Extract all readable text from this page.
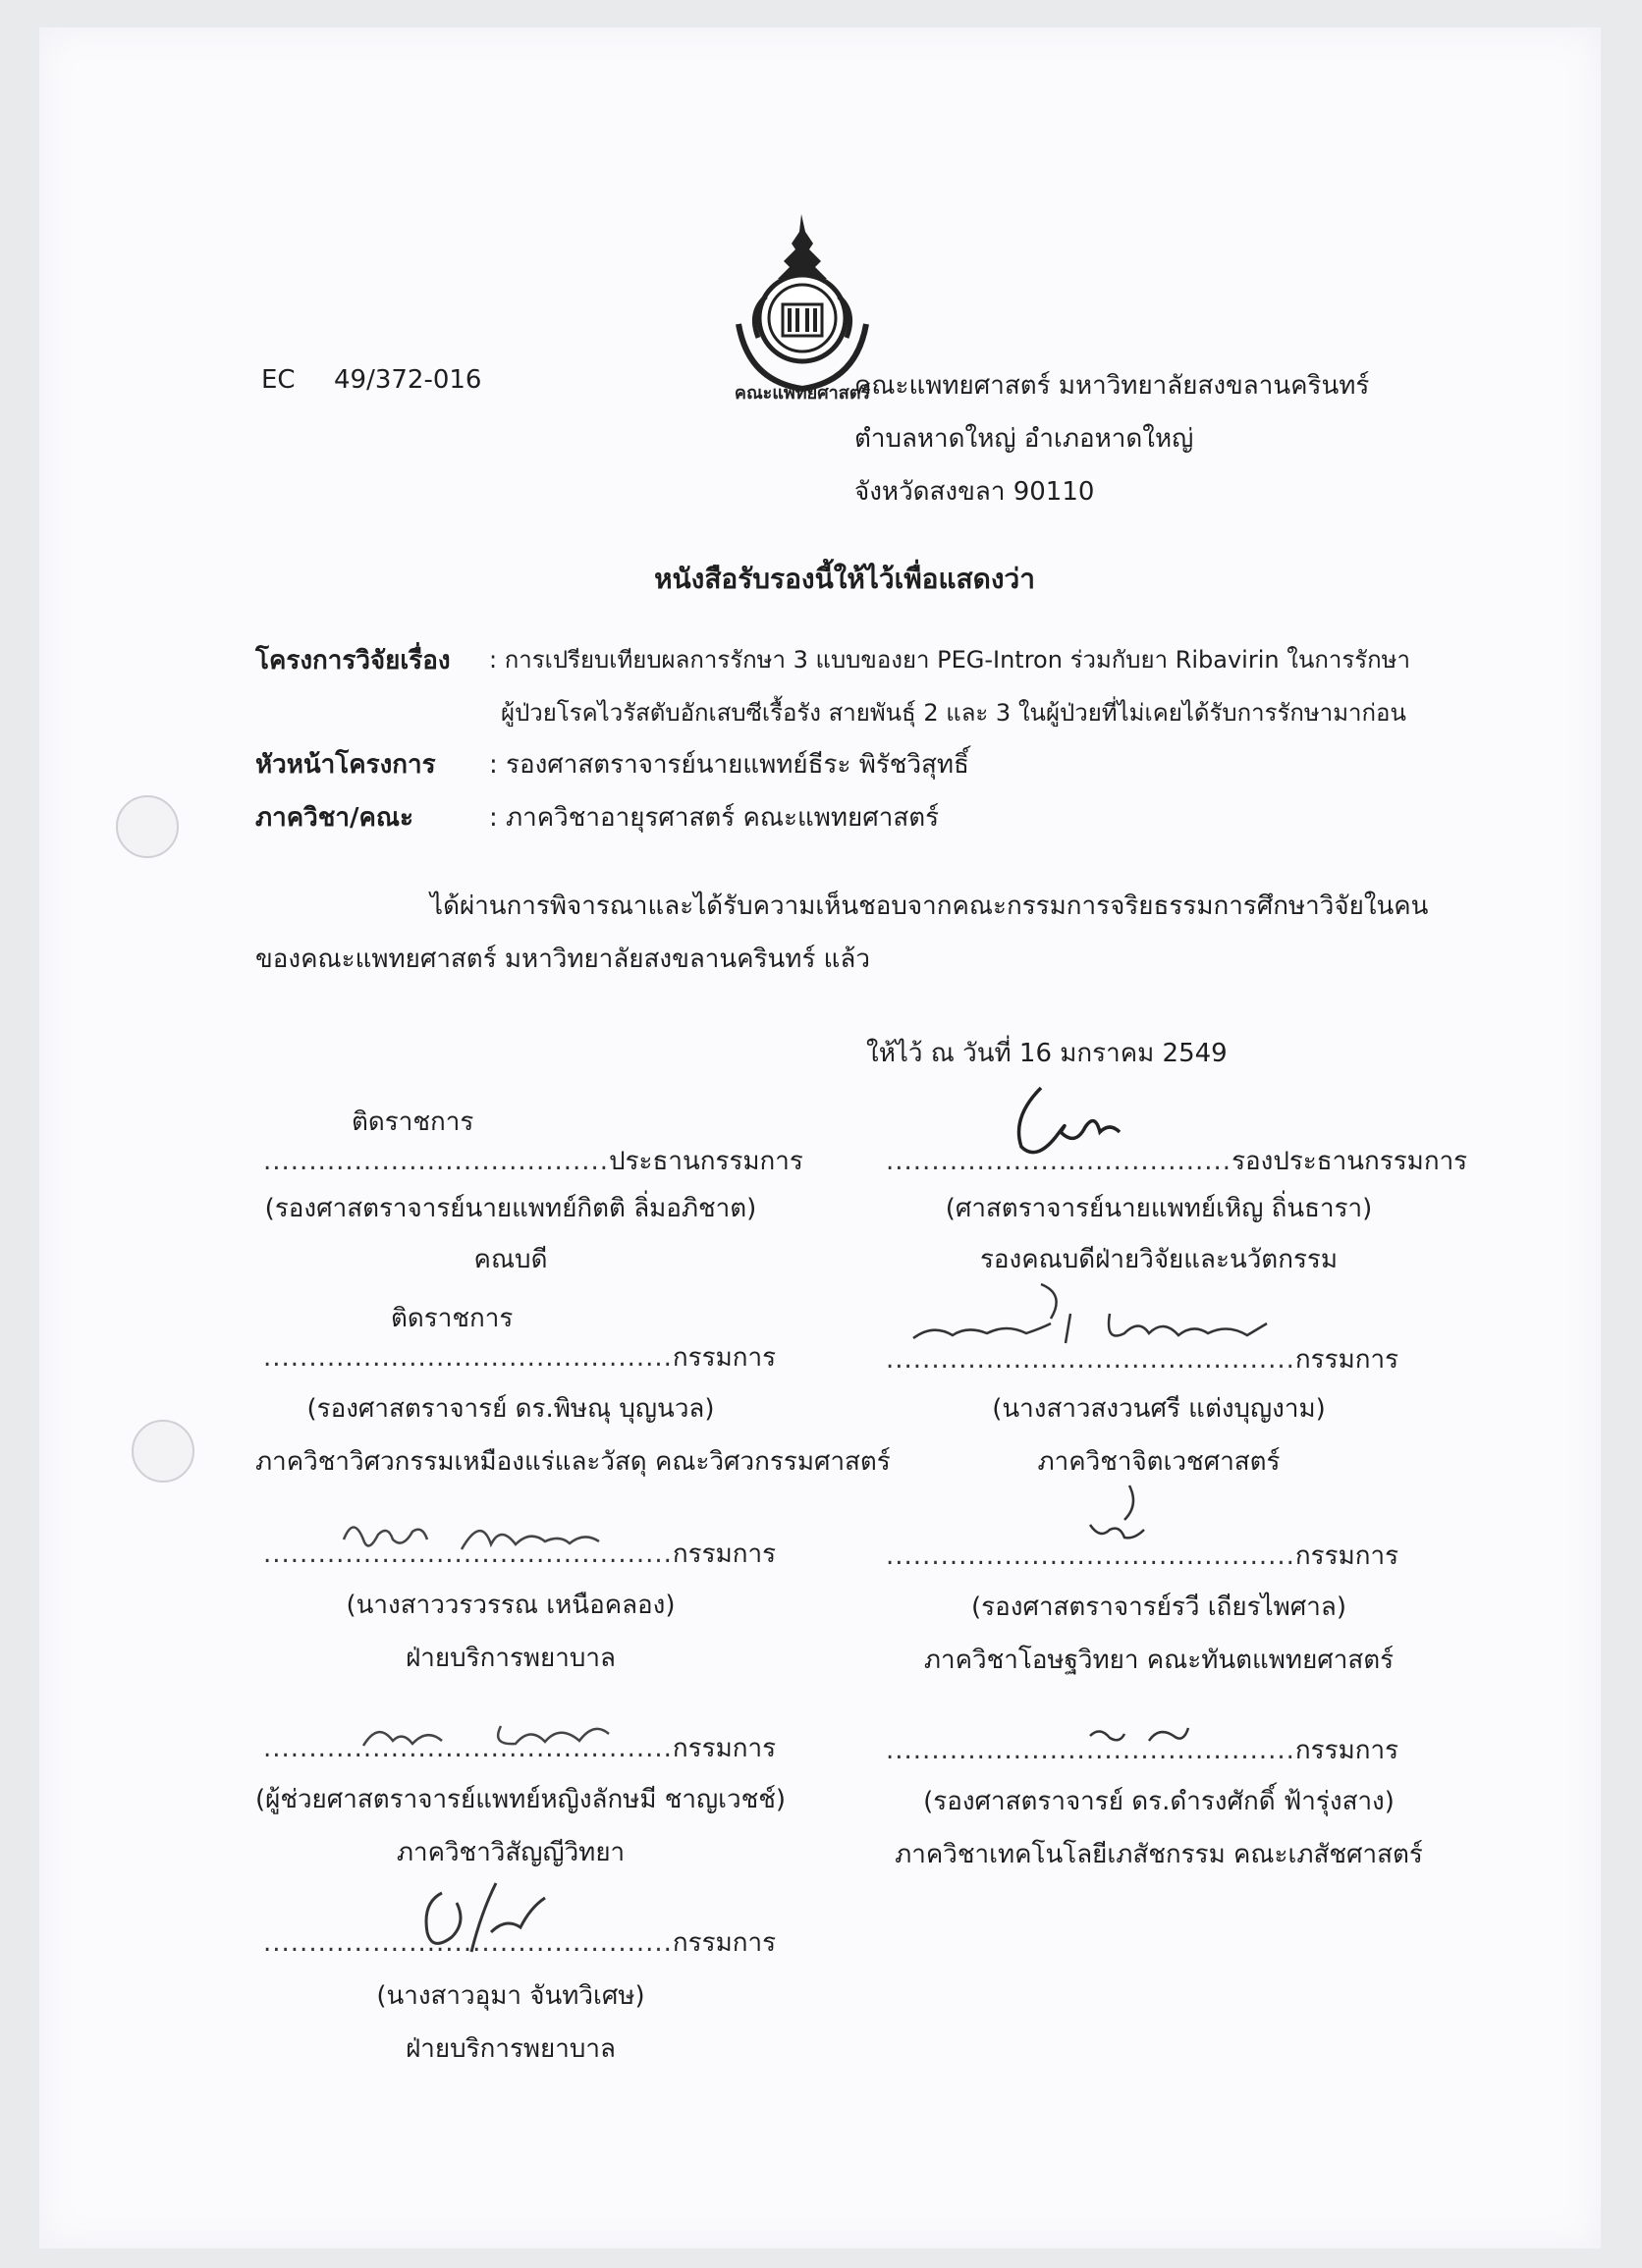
คณะแพทยศาสตร์
EC 49/372-016	คณะแพทยศาสตร์ มหาวิทยาลัยสงขลานครินทร์
ตำบลหาดใหญ่ อำเภอหาดใหญ่
จังหวัดสงขลา 90110
หนังสือรับรองนี้ให้ไว้เพื่อแสดงว่า
โครงการวิจัยเรื่อง : การเปรียบเทียบผลการรักษา 3 แบบของยา PEG-Intron ร่วมกับยา Ribavirin ในการรักษา
ผู้ป่วยโรคไวรัสตับอักเสบซีเรื้อรัง สายพันธุ์ 2 และ 3 ในผู้ป่วยที่ไม่เคยได้รับการรักษามาก่อน
หัวหน้าโครงการ : รองศาสตราจารย์นายแพทย์ธีระ พิรัชวิสุทธิ์
ภาควิชา/คณะ	: ภาควิชาอายุรศาสตร์ คณะแพทยศาสตร์
ได้ผ่านการพิจารณาและได้รับความเห็นชอบจากคณะกรรมการจริยธรรมการศึกษาวิจัยในคน
ของคณะแพทยศาสตร์ มหาวิทยาลัยสงขลานครินทร์ แล้ว
ให้ไว้ ณ วันที่ 16 มกราคม 2549
ติดราชการ
......................................ประธานกรรมการ
(รองศาสตราจารย์นายแพทย์กิตติ ลิ่มอภิชาต)
คณบดี
ติดราชการ
.............................................กรรมการ
(รองศาสตราจารย์ ดร.พิษณุ บุญนวล)
ภาควิชาวิศวกรรมเหมืองแร่และวัสดุ คณะวิศวกรรมศาสตร์
.............................................กรรมการ
(นางสาววรวรรณ เหนือคลอง)
ฝ่ายบริการพยาบาล
.............................................กรรมการ
(ผู้ช่วยศาสตราจารย์แพทย์หญิงลักษมี ชาญเวชช์)
ภาควิชาวิสัญญีวิทยา
.............................................กรรมการ
(นางสาวอุมา จันทวิเศษ)
ฝ่ายบริการพยาบาล
......................................รองประธานกรรมการ
(ศาสตราจารย์นายแพทย์เหิญ ถิ่นธารา)
รองคณบดีฝ่ายวิจัยและนวัตกรรม
.............................................กรรมการ
(นางสาวสงวนศรี แต่งบุญงาม)
ภาควิชาจิตเวชศาสตร์
.............................................กรรมการ
(รองศาสตราจารย์รวี เถียรไพศาล)
ภาควิชาโอษฐวิทยา คณะทันตแพทยศาสตร์
.............................................กรรมการ
(รองศาสตราจารย์ ดร.ดำรงศักดิ์ ฟ้ารุ่งสาง)
ภาควิชาเทคโนโลยีเภสัชกรรม คณะเภสัชศาสตร์
